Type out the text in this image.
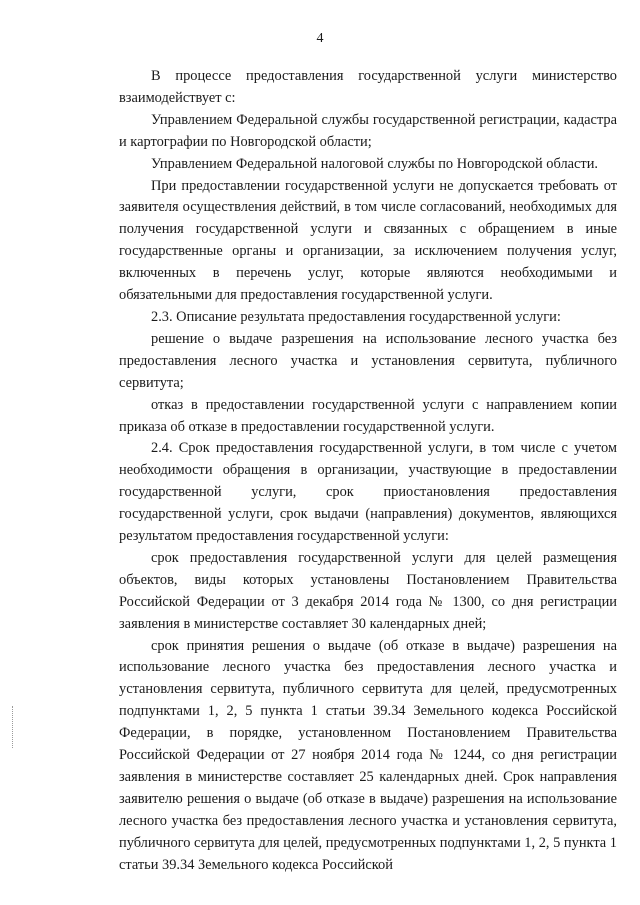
4

В процессе предоставления государственной услуги министерство взаимодействует с:

Управлением Федеральной службы государственной регистрации, кадастра и картографии по Новгородской области;

Управлением Федеральной налоговой службы по Новгородской области.

При предоставлении государственной услуги не допускается требовать от заявителя осуществления действий, в том числе согласований, необходимых для получения государственной услуги и связанных с обращением в иные государственные органы и организации, за исключением получения услуг, включенных в перечень услуг, которые являются необходимыми и обязательными для предоставления государственной услуги.

2.3. Описание результата предоставления государственной услуги:

решение о выдаче разрешения на использование лесного участка без предоставления лесного участка и установления сервитута, публичного сервитута;

отказ в предоставлении государственной услуги с направлением копии приказа об отказе в предоставлении государственной услуги.

2.4. Срок предоставления государственной услуги, в том числе с учетом необходимости обращения в организации, участвующие в предоставлении государственной услуги, срок приостановления предоставления государственной услуги, срок выдачи (направления) документов, являющихся результатом предоставления государственной услуги:

срок предоставления государственной услуги для целей размещения объектов, виды которых установлены Постановлением Правительства Российской Федерации от 3 декабря 2014 года № 1300, со дня регистрации заявления в министерстве составляет 30 календарных дней;

срок принятия решения о выдаче (об отказе в выдаче) разрешения на использование лесного участка без предоставления лесного участка и установления сервитута, публичного сервитута для целей, предусмотренных подпунктами 1, 2, 5 пункта 1 статьи 39.34 Земельного кодекса Российской Федерации, в порядке, установленном Постановлением Правительства Российской Федерации от 27 ноября 2014 года № 1244, со дня регистрации заявления в министерстве составляет 25 календарных дней. Срок направления заявителю решения о выдаче (об отказе в выдаче) разрешения на использование лесного участка без предоставления лесного участка и установления сервитута, публичного сервитута для целей, предусмотренных подпунктами 1, 2, 5 пункта 1 статьи 39.34 Земельного кодекса Российской
